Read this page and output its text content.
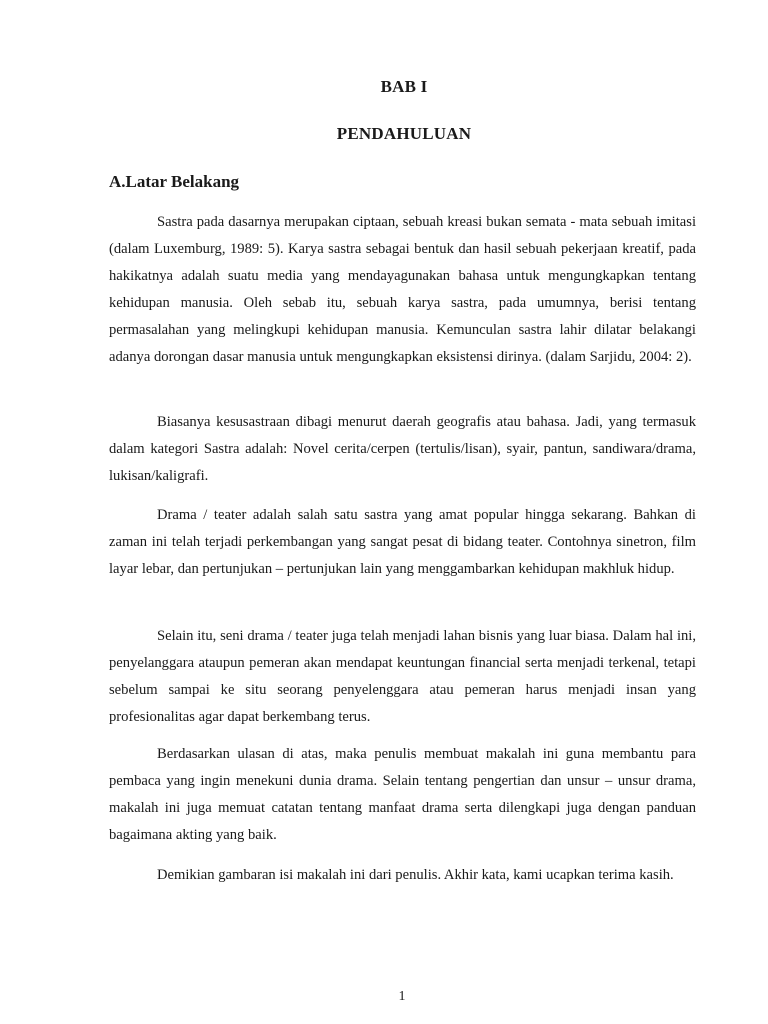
BAB I
PENDAHULUAN
A.Latar Belakang

Sastra pada dasarnya merupakan ciptaan, sebuah kreasi bukan semata - mata sebuah imitasi (dalam Luxemburg, 1989: 5). Karya sastra sebagai bentuk dan hasil sebuah pekerjaan kreatif, pada hakikatnya adalah suatu media yang mendayagunakan bahasa untuk mengungkapkan tentang kehidupan manusia. Oleh sebab itu, sebuah karya sastra, pada umumnya, berisi tentang permasalahan yang melingkupi kehidupan manusia. Kemunculan sastra lahir dilatar belakangi adanya dorongan dasar manusia untuk mengungkapkan eksistensi dirinya. (dalam Sarjidu, 2004: 2).

Biasanya kesusastraan dibagi menurut daerah geografis atau bahasa. Jadi, yang termasuk dalam kategori Sastra adalah: Novel cerita/cerpen (tertulis/lisan), syair, pantun, sandiwara/drama, lukisan/kaligrafi.

Drama / teater adalah salah satu sastra yang amat popular hingga sekarang. Bahkan di zaman ini telah terjadi perkembangan yang sangat pesat di bidang teater. Contohnya sinetron, film layar lebar, dan pertunjukan – pertunjukan lain yang menggambarkan kehidupan makhluk hidup.

Selain itu, seni drama / teater juga telah menjadi lahan bisnis yang luar biasa. Dalam hal ini, penyelanggara ataupun pemeran akan mendapat keuntungan financial serta menjadi terkenal, tetapi sebelum sampai ke situ seorang penyelenggara atau pemeran harus menjadi insan yang profesionalitas agar dapat berkembang terus.

Berdasarkan ulasan di atas, maka penulis membuat makalah ini guna membantu para pembaca yang ingin menekuni dunia drama. Selain tentang pengertian dan unsur – unsur drama, makalah ini juga memuat catatan tentang manfaat drama serta dilengkapi juga dengan panduan bagaimana akting yang baik.

Demikian gambaran isi makalah ini dari penulis. Akhir kata, kami ucapkan terima kasih.

1
